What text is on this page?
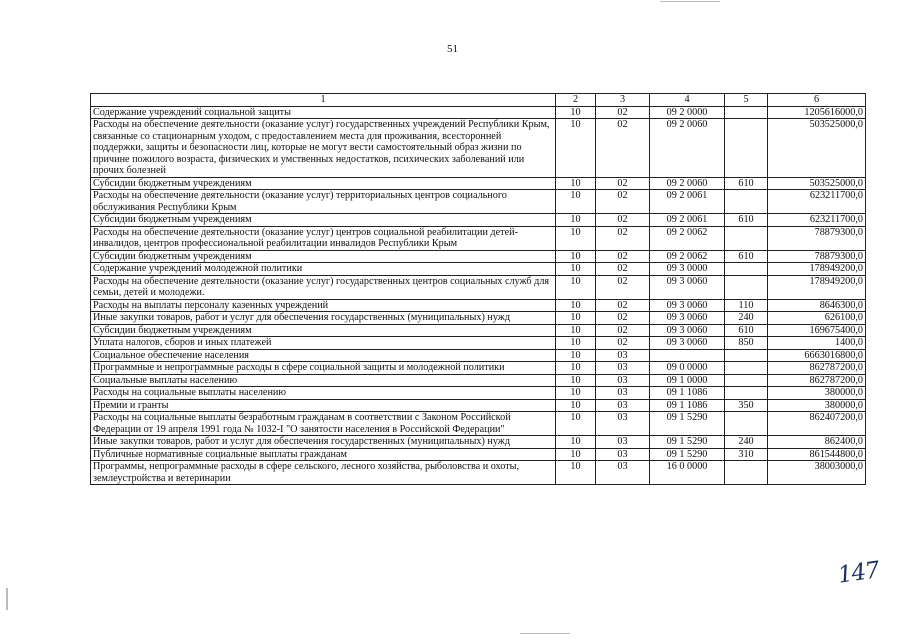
51
1	2	3	4	5	6
Содержание учреждений социальной защиты	10	02	09 2 0000		1205616000,0
Расходы на обеспечение деятельности (оказание услуг) государственных учреждений Республики Крым, связанные со стационарным уходом, с предоставлением места для проживания, всесторонней поддержки, защиты и безопасности лиц, которые не могут вести самостоятельный образ жизни по причине пожилого возраста, физических и умственных недостатков, психических заболеваний или прочих болезней	10	02	09 2 0060		503525000,0
Субсидии бюджетным учреждениям	10	02	09 2 0060	610	503525000,0
Расходы на обеспечение деятельности (оказание услуг) территориальных центров социального обслуживания Республики Крым	10	02	09 2 0061		623211700,0
Субсидии бюджетным учреждениям	10	02	09 2 0061	610	623211700,0
Расходы на обеспечение деятельности (оказание услуг) центров социальной реабилитации детей-инвалидов, центров профессиональной реабилитации инвалидов Республики Крым	10	02	09 2 0062		78879300,0
Субсидии бюджетным учреждениям	10	02	09 2 0062	610	78879300,0
Содержание учреждений молодежной политики	10	02	09 3 0000		178949200,0
Расходы на обеспечение деятельности (оказание услуг) государственных центров социальных служб для семьи, детей и молодежи.	10	02	09 3 0060		178949200,0
Расходы на выплаты персоналу казенных учреждений	10	02	09 3 0060	110	8646300,0
Иные закупки товаров, работ и услуг для обеспечения государственных (муниципальных) нужд	10	02	09 3 0060	240	626100,0
Субсидии бюджетным учреждениям	10	02	09 3 0060	610	169675400,0
Уплата налогов, сборов и иных платежей	10	02	09 3 0060	850	1400,0
Социальное обеспечение населения	10	03			6663016800,0
Программные и непрограммные расходы в сфере социальной защиты и молодежной политики	10	03	09 0 0000		862787200,0
Социальные выплаты населению	10	03	09 1 0000		862787200,0
Расходы на социальные выплаты населению	10	03	09 1 1086		380000,0
Премии и гранты	10	03	09 1 1086	350	380000,0
Расходы на социальные выплаты безработным гражданам в соответствии с Законом Российской Федерации от 19 апреля 1991 года № 1032-I "О занятости населения в Российской Федерации"	10	03	09 1 5290		862407200,0
Иные закупки товаров, работ и услуг для обеспечения государственных (муниципальных) нужд	10	03	09 1 5290	240	862400,0
Публичные нормативные социальные выплаты гражданам	10	03	09 1 5290	310	861544800,0
Программы, непрограммные расходы в сфере сельского, лесного хозяйства, рыболовства и охоты, землеустройства и ветеринарии	10	03	16 0 0000		38003000,0
147
